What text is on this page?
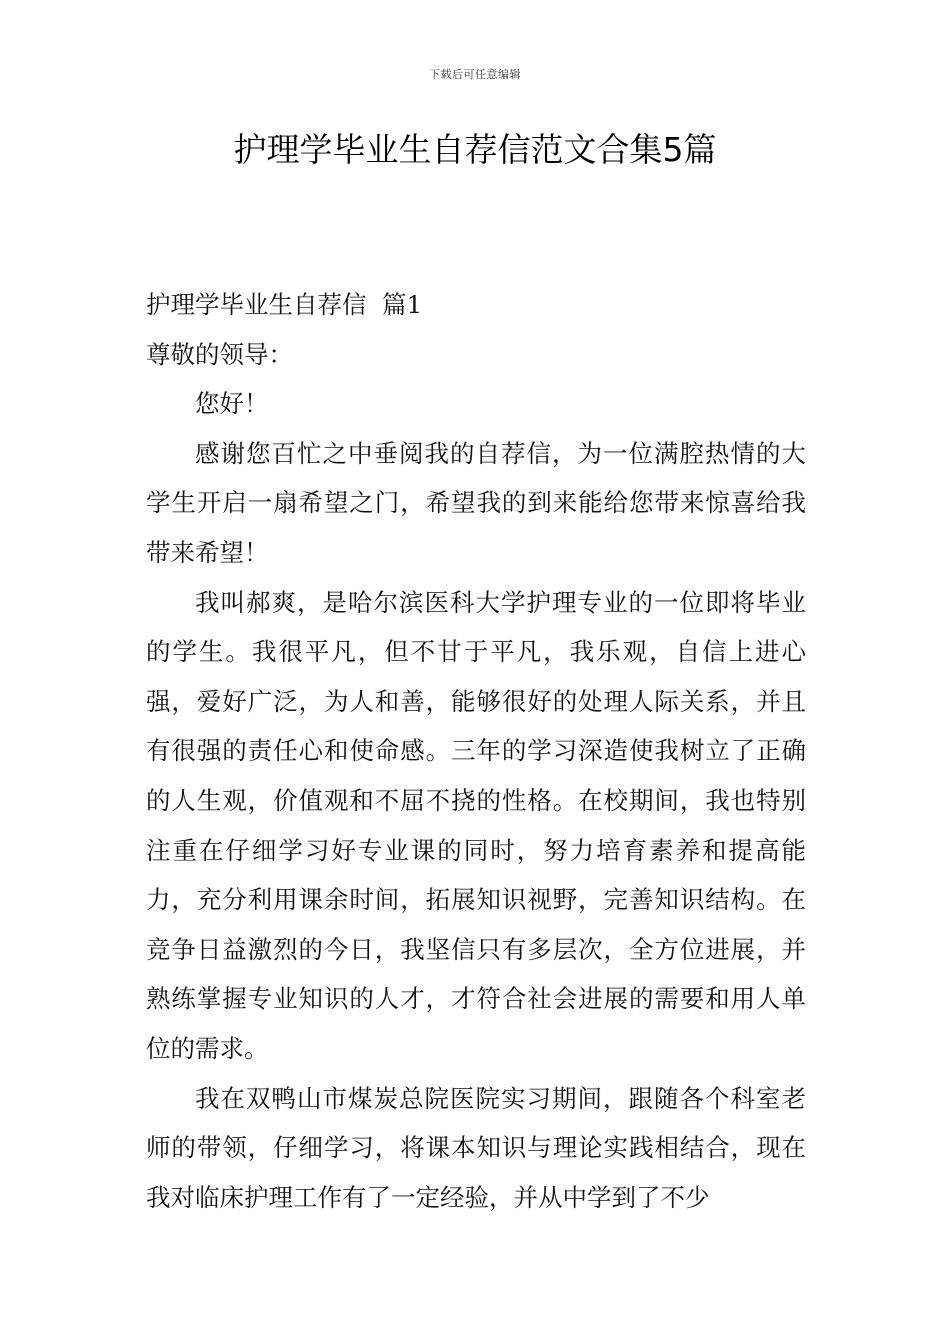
下载后可任意编辑
护理学毕业生自荐信范文合集5篇

护理学毕业生自荐信  篇1

尊敬的领导：

您好！

感谢您百忙之中垂阅我的自荐信，为一位满腔热情的大学生开启一扇希望之门，希望我的到来能给您带来惊喜给我带来希望！

我叫郝爽，是哈尔滨医科大学护理专业的一位即将毕业的学生。我很平凡，但不甘于平凡，我乐观，自信上进心强，爱好广泛，为人和善，能够很好的处理人际关系，并且有很强的责任心和使命感。三年的学习深造使我树立了正确的人生观，价值观和不屈不挠的性格。在校期间，我也特别注重在仔细学习好专业课的同时，努力培育素养和提高能力，充分利用课余时间，拓展知识视野，完善知识结构。在竞争日益激烈的今日，我坚信只有多层次，全方位进展，并熟练掌握专业知识的人才，才符合社会进展的需要和用人单位的需求。

我在双鸭山市煤炭总院医院实习期间，跟随各个科室老师的带领，仔细学习，将课本知识与理论实践相结合，现在我对临床护理工作有了一定经验，并从中学到了不少
